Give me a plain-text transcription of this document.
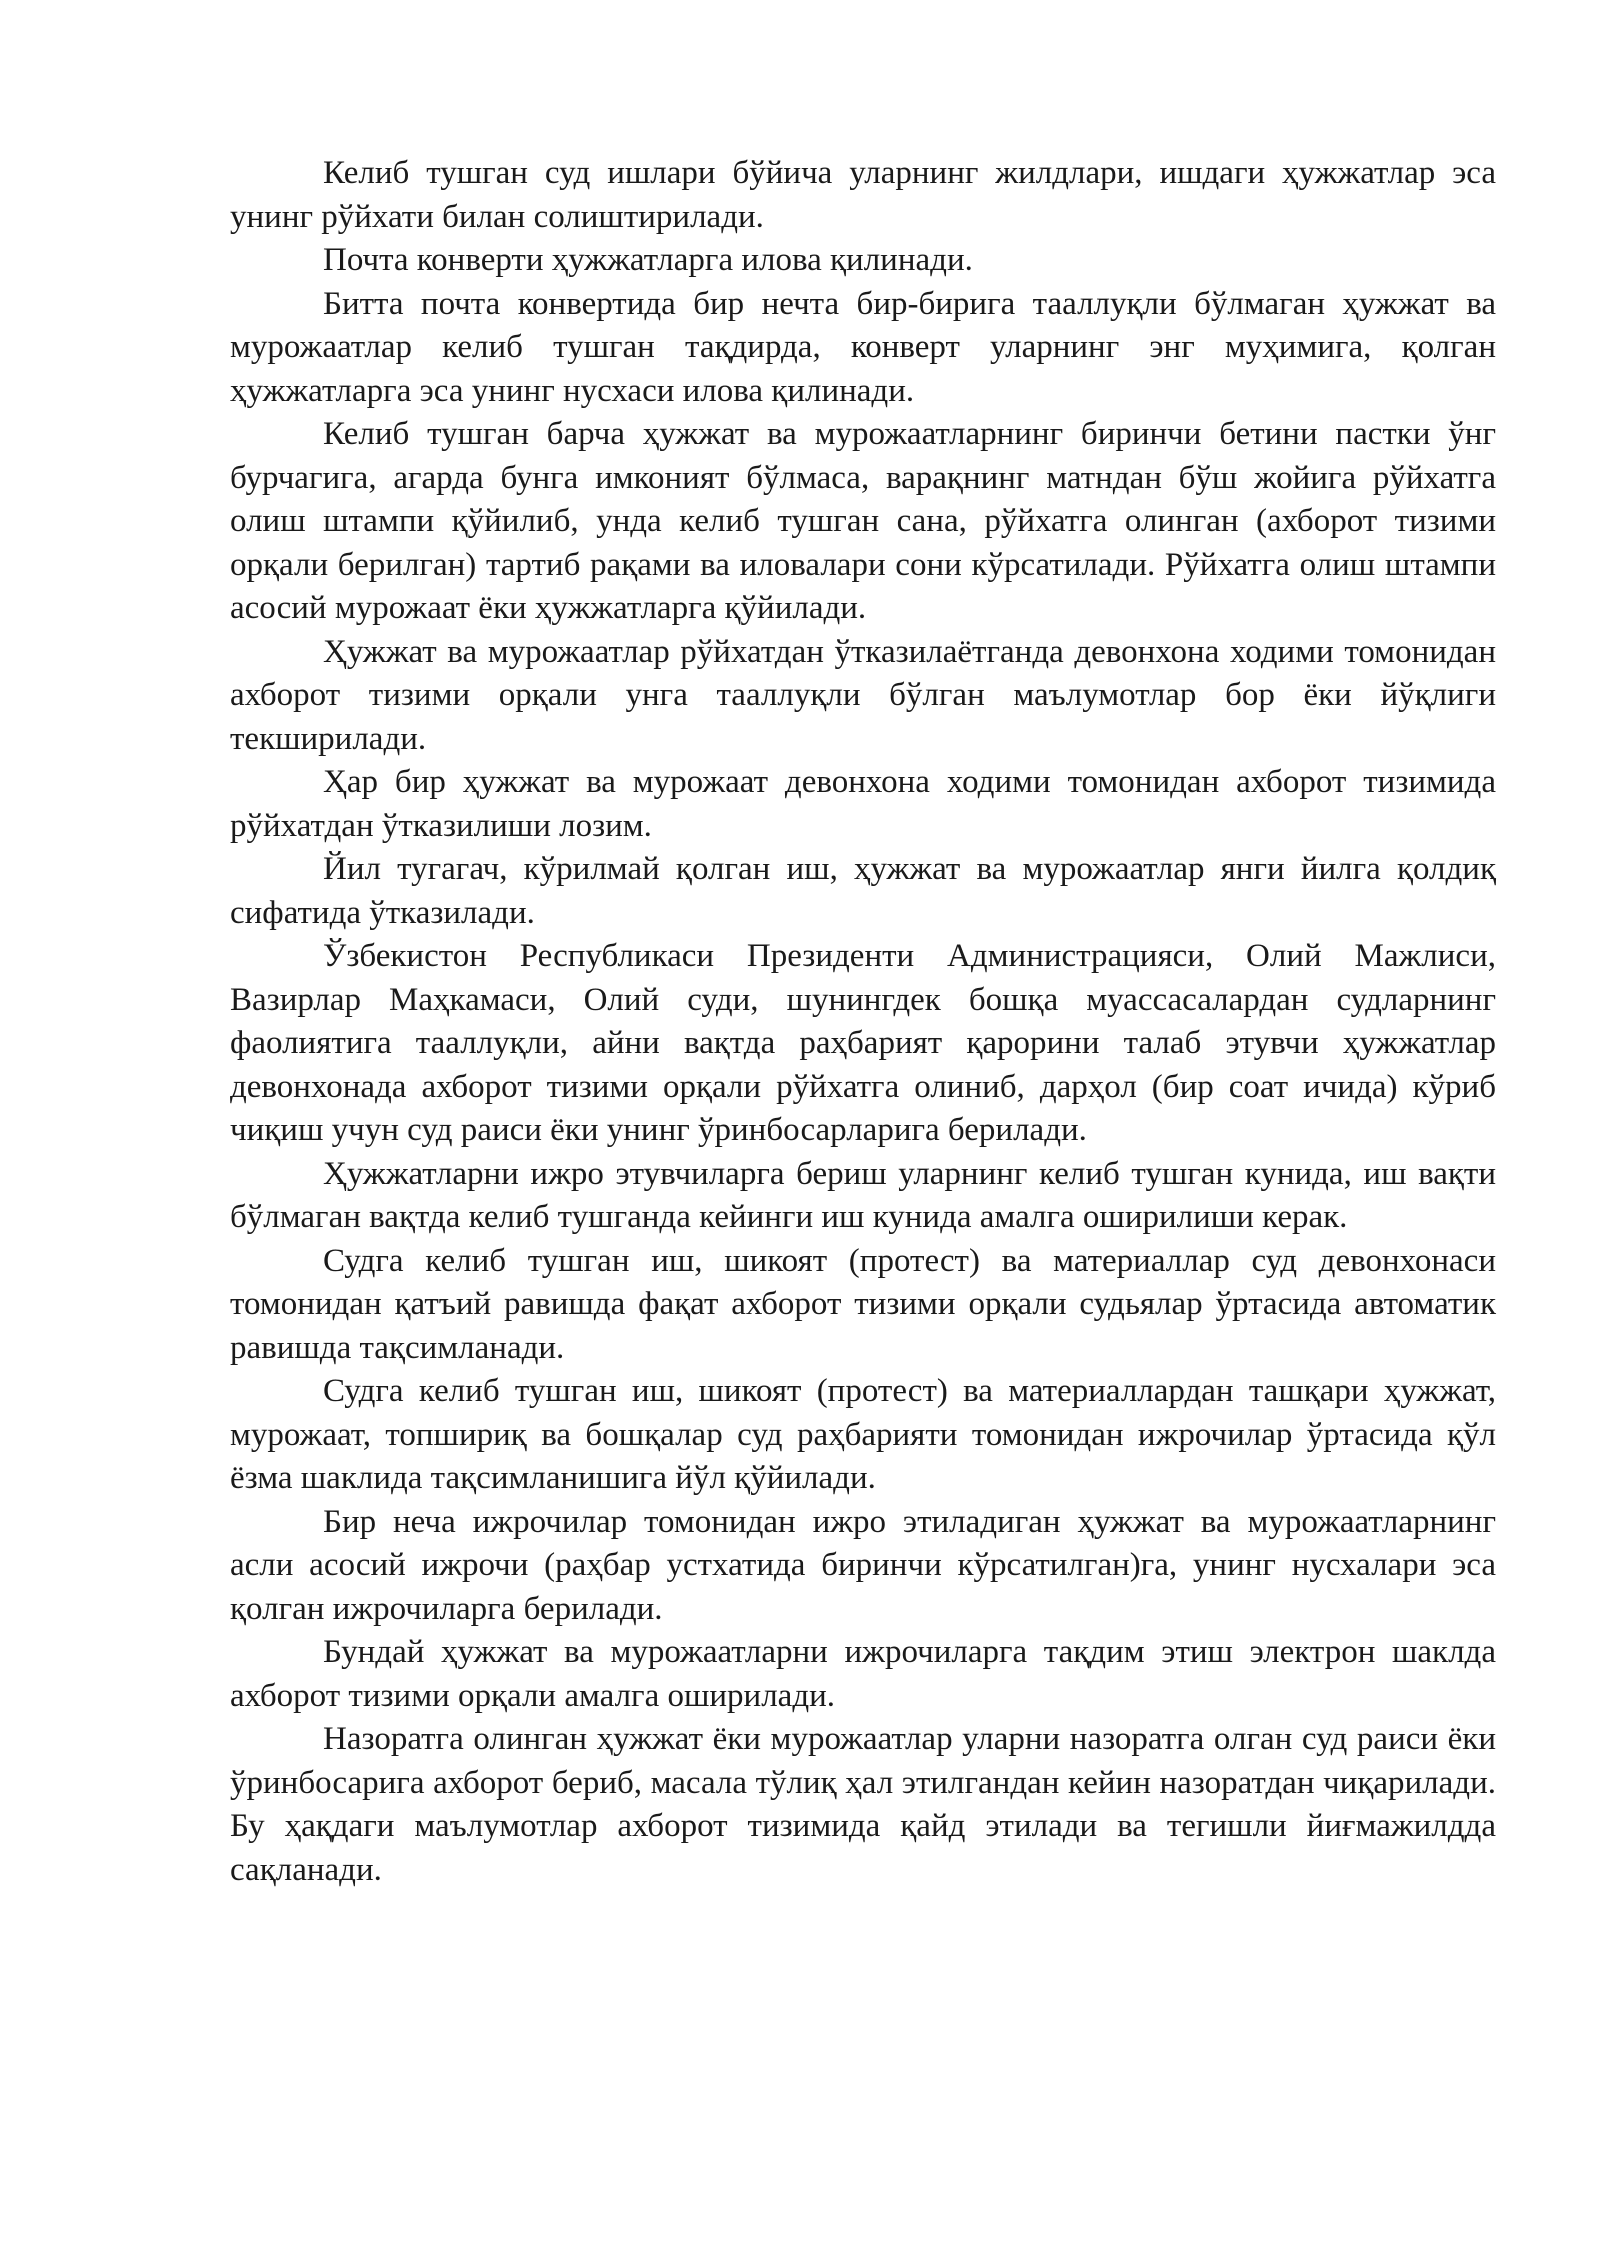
Келиб тушган суд ишлари бўйича уларнинг жилдлари, ишдаги ҳужжатлар эса унинг рўйхати билан солиштирилади.

Почта конверти ҳужжатларга илова қилинади.

Битта почта конвертида бир нечта бир-бирига тааллуқли бўлмаган ҳужжат ва мурожаатлар келиб тушган тақдирда, конверт уларнинг энг муҳимига, қолган ҳужжатларга эса унинг нусхаси илова қилинади.

Келиб тушган барча ҳужжат ва мурожаатларнинг биринчи бетини пастки ўнг бурчагига, агарда бунга имконият бўлмаса, варақнинг матндан бўш жойига рўйхатга олиш штампи қўйилиб, унда келиб тушган сана, рўйхатга олинган (ахборот тизими орқали берилган) тартиб рақами ва иловалари сони кўрсатилади. Рўйхатга олиш штампи асосий мурожаат ёки ҳужжатларга қўйилади.

Ҳужжат ва мурожаатлар рўйхатдан ўтказилаётганда девонхона ходими томонидан ахборот тизими орқали унга тааллуқли бўлган маълумотлар бор ёки йўқлиги текширилади.

Ҳар бир ҳужжат ва мурожаат девонхона ходими томонидан ахборот тизимида рўйхатдан ўтказилиши лозим.

Йил тугагач, кўрилмай қолган иш, ҳужжат ва мурожаатлар янги йилга қолдиқ сифатида ўтказилади.

Ўзбекистон Республикаси Президенти Администрацияси, Олий Мажлиси, Вазирлар Маҳкамаси, Олий суди, шунингдек бошқа муассасалардан судларнинг фаолиятига тааллуқли, айни вақтда раҳбарият қарорини талаб этувчи ҳужжатлар девонхонада ахборот тизими орқали рўйхатга олиниб, дарҳол (бир соат ичида) кўриб чиқиш учун суд раиси ёки унинг ўринбосарларига берилади.

Ҳужжатларни ижро этувчиларга бериш уларнинг келиб тушган кунида, иш вақти бўлмаган вақтда келиб тушганда кейинги иш кунида амалга оширилиши керак.

Судга келиб тушган иш, шикоят (протест) ва материаллар суд девонхонаси томонидан қатъий равишда фақат ахборот тизими орқали судьялар ўртасида автоматик равишда тақсимланади.

Судга келиб тушган иш, шикоят (протест) ва материаллардан ташқари ҳужжат, мурожаат, топшириқ ва бошқалар суд раҳбарияти томонидан ижрочилар ўртасида қўл ёзма шаклида тақсимланишига йўл қўйилади.

Бир неча ижрочилар томонидан ижро этиладиган ҳужжат ва мурожаатларнинг асли асосий ижрочи (раҳбар устхатида биринчи кўрсатилган)га, унинг нусхалари эса қолган ижрочиларга берилади.

Бундай ҳужжат ва мурожаатларни ижрочиларга тақдим этиш электрон шаклда ахборот тизими орқали амалга оширилади.

Назоратга олинган ҳужжат ёки мурожаатлар уларни назоратга олган суд раиси ёки ўринбосарига ахборот бериб, масала тўлиқ ҳал этилгандан кейин назоратдан чиқарилади. Бу ҳақдаги маълумотлар ахборот тизимида қайд этилади ва тегишли йиғмажилдда сақланади.
